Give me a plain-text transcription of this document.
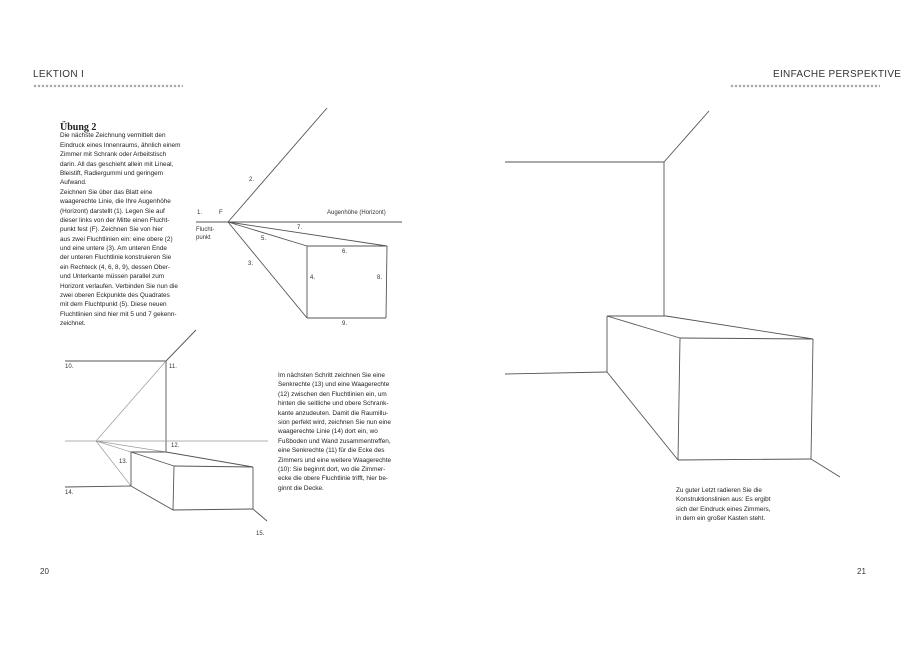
LEKTION I	EINFACHE PERSPEKTIVE
20	21
Übung 2
Die nächste Zeichnung vermittelt den
Eindruck eines Innenraums, ähnlich einem
Zimmer mit Schrank oder Arbeitstisch
darin. All das geschieht allein mit Lineal,
Bleistift, Radiergummi und geringem
Aufwand.
Zeichnen Sie über das Blatt eine
waagerechte Linie, die Ihre Augenhöhe
(Horizont) darstellt (1). Legen Sie auf
dieser links von der Mitte einen Flucht-
punkt fest (F). Zeichnen Sie von hier
aus zwei Fluchtlinien ein: eine obere (2)
und eine untere (3). Am unteren Ende
der unteren Fluchtlinie konstruieren Sie
ein Rechteck (4, 6, 8, 9), dessen Ober-
und Unterkante müssen parallel zum
Horizont verlaufen. Verbinden Sie nun die
zwei oberen Eckpunkte des Quadrates
mit dem Fluchtpunkt (5). Diese neuen
Fluchtlinien sind hier mit 5 und 7 gekenn-
zeichnet.
Im nächsten Schritt zeichnen Sie eine
Senkrechte (13) und eine Waagerechte
(12) zwischen den Fluchtlinien ein, um
hinten die seitliche und obere Schrank-
kante anzudeuten. Damit die Raumillu-
sion perfekt wird, zeichnen Sie nun eine
waagerechte Linie (14) dort ein, wo
Fußboden und Wand zusammentreffen,
eine Senkrechte (11) für die Ecke des
Zimmers und eine weitere Waagerechte
(10): Sie beginnt dort, wo die Zimmer-
ecke die obere Fluchtlinie trifft, hier be-
ginnt die Decke.	Zu guter Letzt radieren Sie die
Konstruktionslinien aus: Es ergibt
sich der Eindruck eines Zimmers,
in dem ein großer Kasten steht.
1.	F	Augenhöhe (Horizont)
Flucht-
punkt
2.
7.
5.
3.
6.
4.	8.
9.
10.	11.
12.
13.
14.
15.
